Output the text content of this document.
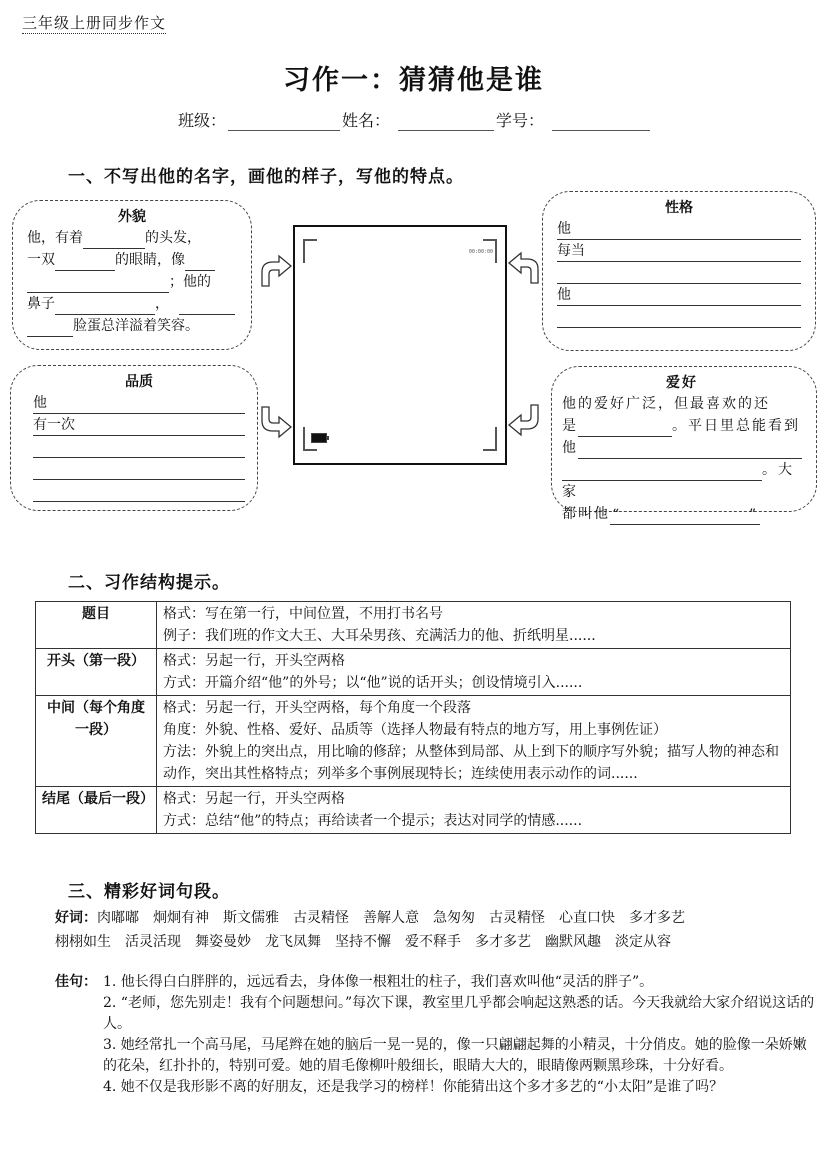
三年级上册同步作文
习作一：猜猜他是谁
班级：	姓名：	学号：
一、不写出他的名字，画他的样子，写他的特点。
外貌
他，有着	的头发，
一双	的眼睛，像
；他的
鼻子	，
脸蛋总洋溢着笑容。
性格
他
每当
他
品质
他
有一次
爱好
他的爱好广泛，但最喜欢的还
是	。平日里总能看到
他
。大家
都叫他 “	”
00:00:00
二、习作结构提示。
题目	格式：写在第一行，中间位置，不用打书名号
例子：我们班的作文大王、大耳朵男孩、充满活力的他、折纸明星......

开头（第一段）	格式：另起一行，开头空两格
方式：开篇介绍“他”的外号；以“他”说的话开头；创设情境引入......

中间（每个角度一段）	格式：另起一行，开头空两格，每个角度一个段落
角度：外貌、性格、爱好、品质等（选择人物最有特点的地方写，用上事例佐证）
方法：外貌上的突出点，用比喻的修辞；从整体到局部、从上到下的顺序写外貌；描写人物的神态和动作，突出其性格特点；列举多个事例展现特长；连续使用表示动作的词......

结尾（最后一段）	格式：另起一行，开头空两格
方式：总结“他”的特点；再给读者一个提示；表达对同学的情感......
三、精彩好词句段。
好词：肉嘟嘟 炯炯有神 斯文儒雅 古灵精怪 善解人意 急匆匆 古灵精怪 心直口快 多才多艺
栩栩如生 活灵活现 舞姿曼妙 龙飞凤舞 坚持不懈 爱不释手 多才多艺 幽默风趣 淡定从容
佳句： 1. 他长得白白胖胖的，远远看去，身体像一根粗壮的柱子，我们喜欢叫他“灵活的胖子”。
2. “老师，您先别走！我有个问题想问。”每次下课，教室里几乎都会响起这熟悉的话。今天我就给大家介绍说这话的人。
3. 她经常扎一个高马尾，马尾辫在她的脑后一晃一晃的，像一只翩翩起舞的小精灵，十分俏皮。她的脸像一朵娇嫩的花朵，红扑扑的，特别可爱。她的眉毛像柳叶般细长，眼睛大大的，眼睛像两颗黑珍珠，十分好看。
4. 她不仅是我形影不离的好朋友，还是我学习的榜样！你能猜出这个多才多艺的“小太阳”是谁了吗？
